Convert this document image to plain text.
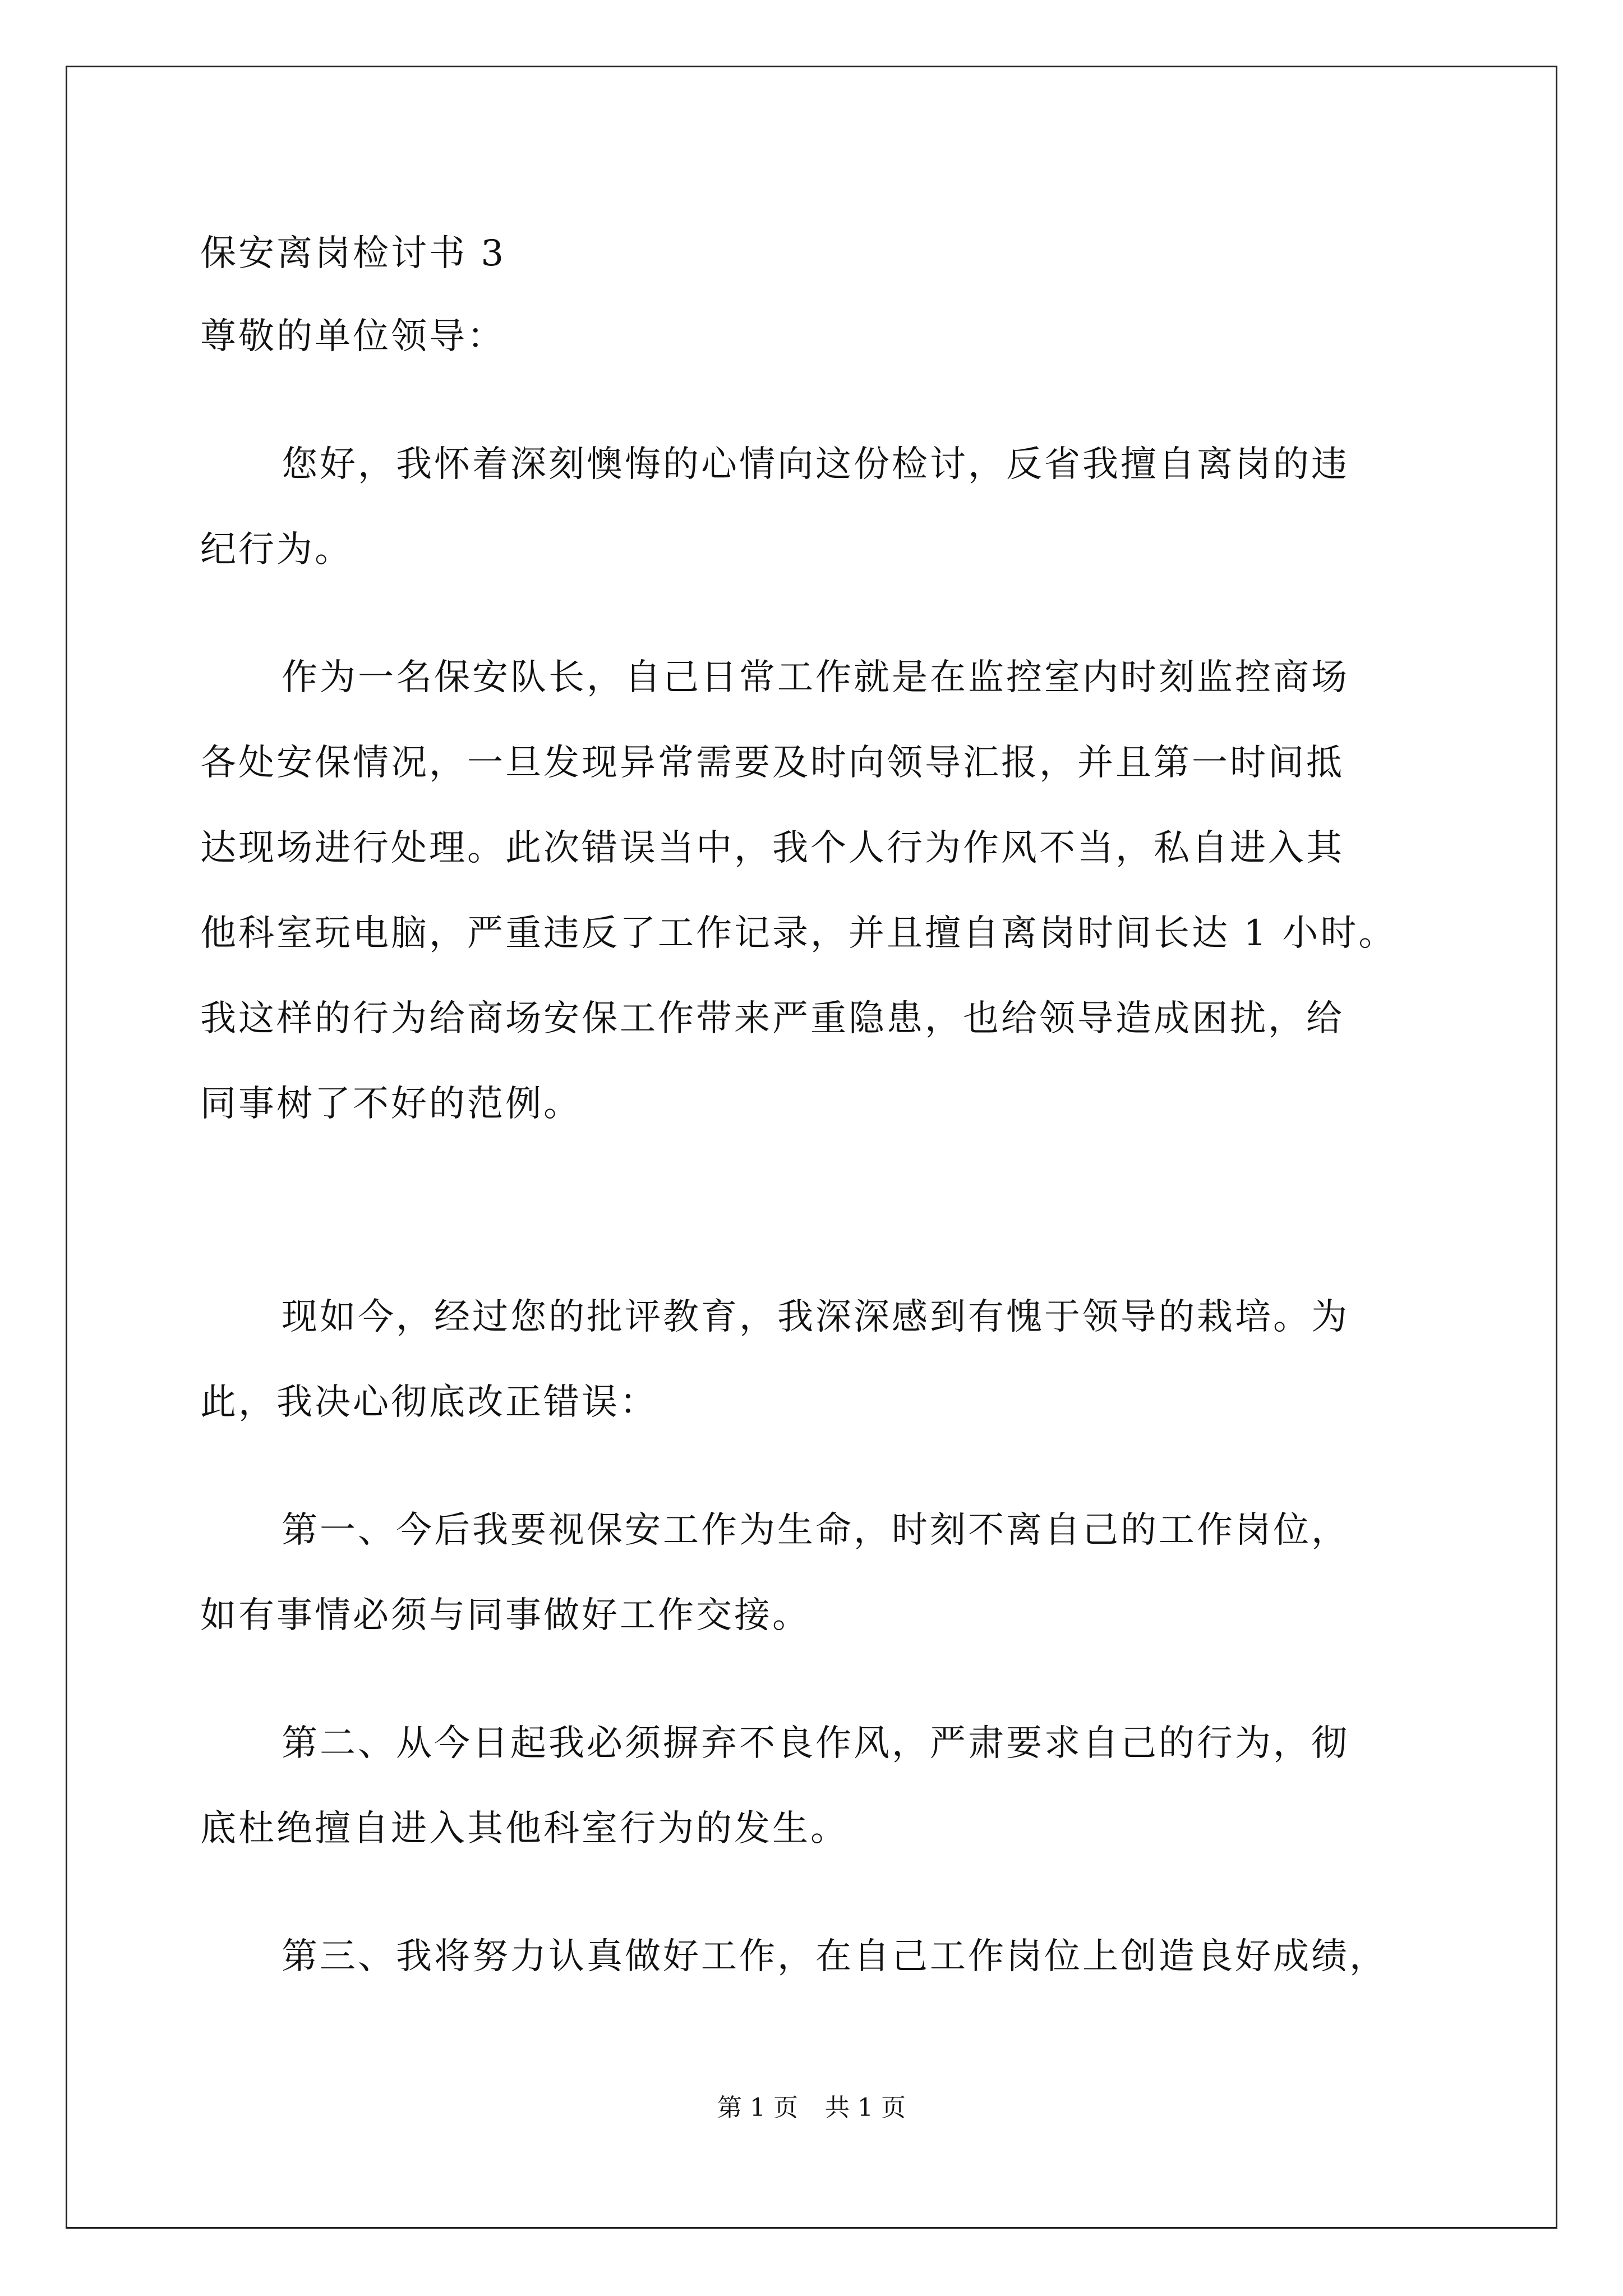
保安离岗检讨书 3
尊敬的单位领导：
您好，我怀着深刻懊悔的心情向这份检讨，反省我擅自离岗的违
纪行为。
作为一名保安队长，自己日常工作就是在监控室内时刻监控商场
各处安保情况，一旦发现异常需要及时向领导汇报，并且第一时间抵
达现场进行处理。此次错误当中，我个人行为作风不当，私自进入其
他科室玩电脑，严重违反了工作记录，并且擅自离岗时间长达 1 小时。
我这样的行为给商场安保工作带来严重隐患，也给领导造成困扰，给
同事树了不好的范例。
现如今，经过您的批评教育，我深深感到有愧于领导的栽培。为
此，我决心彻底改正错误：
第一、今后我要视保安工作为生命，时刻不离自己的工作岗位，
如有事情必须与同事做好工作交接。
第二、从今日起我必须摒弃不良作风，严肃要求自己的行为，彻
底杜绝擅自进入其他科室行为的发生。
第三、我将努力认真做好工作，在自己工作岗位上创造良好成绩，
第 1 页 共 1 页
